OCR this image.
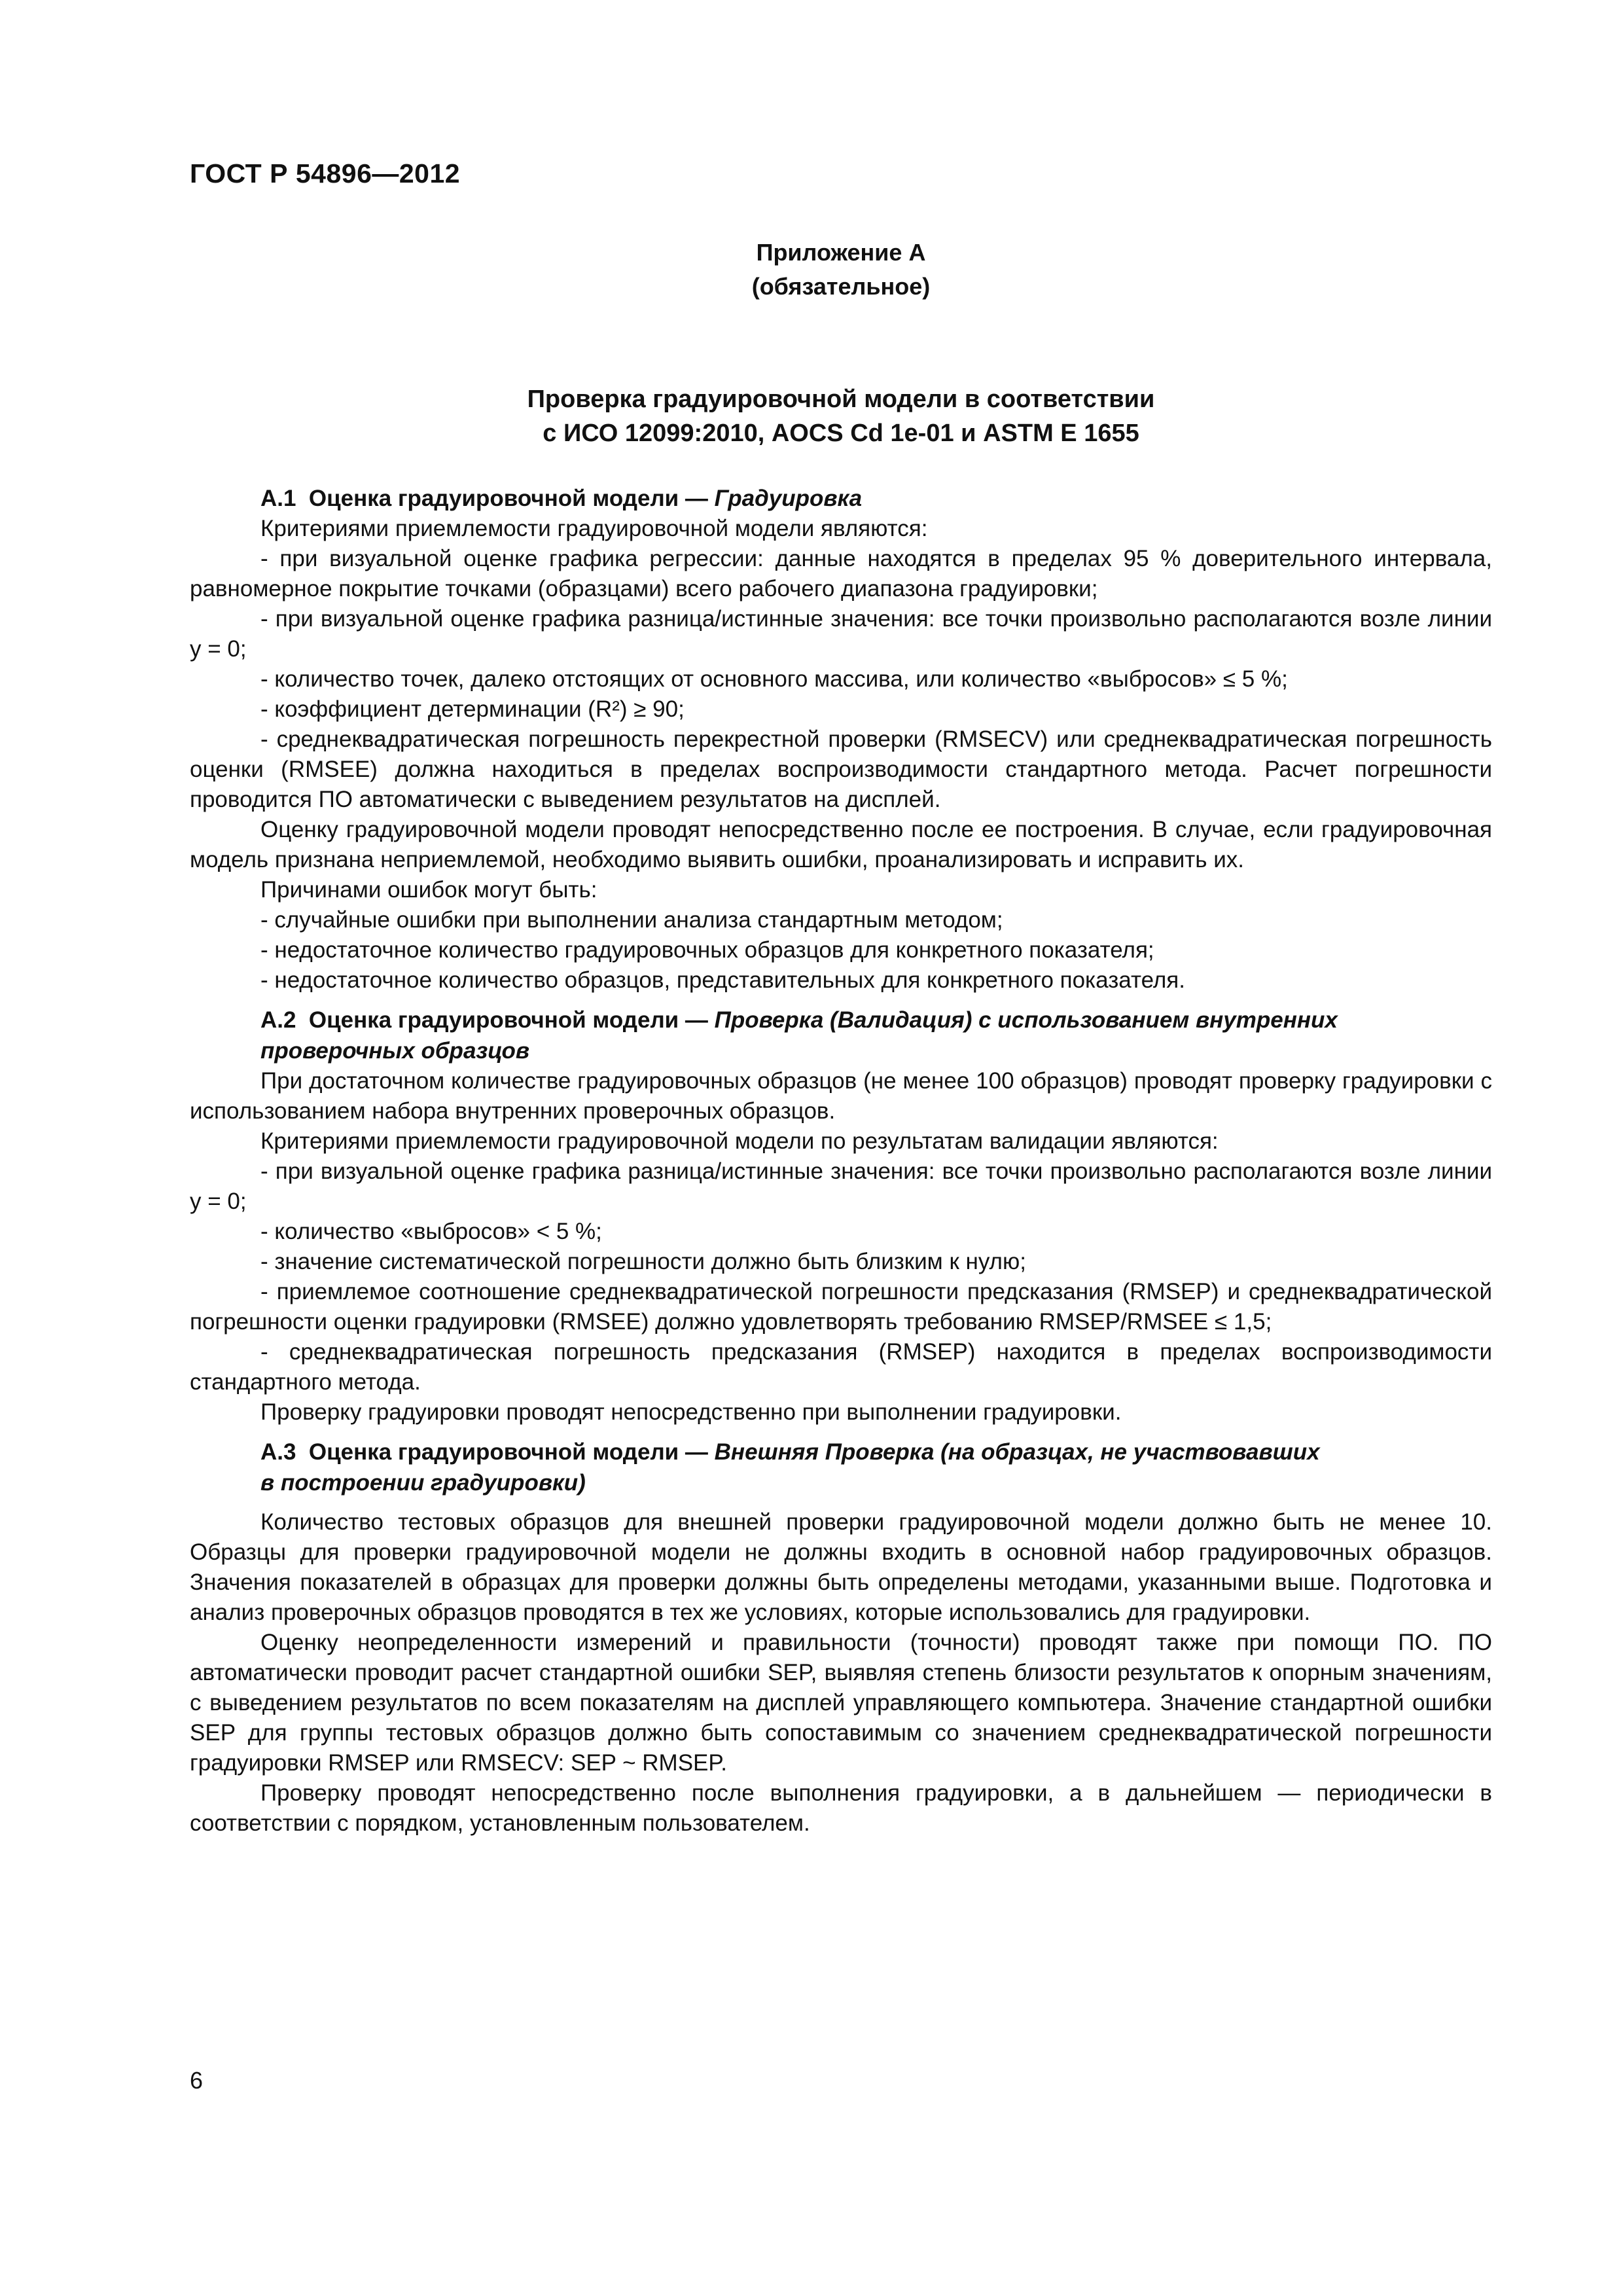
ГОСТ Р 54896—2012
Приложение А
(обязательное)
Проверка градуировочной модели в соответствии
с ИСО 12099:2010, AOCS Cd 1e-01 и ASTM E 1655
А.1 Оценка градуировочной модели — Градуировка

Критериями приемлемости градуировочной модели являются:

- при визуальной оценке графика регрессии: данные находятся в пределах 95 % доверительного интервала, равномерное покрытие точками (образцами) всего рабочего диапазона градуировки;

- при визуальной оценке графика разница/истинные значения: все точки произвольно располагаются возле линии y = 0;

- количество точек, далеко отстоящих от основного массива, или количество «выбросов» ≤ 5 %;

- коэффициент детерминации (R²) ≥ 90;

- среднеквадратическая погрешность перекрестной проверки (RMSECV) или среднеквадратическая погрешность оценки (RMSEE) должна находиться в пределах воспроизводимости стандартного метода. Расчет погрешности проводится ПО автоматически с выведением результатов на дисплей.

Оценку градуировочной модели проводят непосредственно после ее построения. В случае, если градуировочная модель признана неприемлемой, необходимо выявить ошибки, проанализировать и исправить их.

Причинами ошибок могут быть:

- случайные ошибки при выполнении анализа стандартным методом;

- недостаточное количество градуировочных образцов для конкретного показателя;

- недостаточное количество образцов, представительных для конкретного показателя.

А.2 Оценка градуировочной модели — Проверка (Валидация) с использованием внутренних
проверочных образцов

При достаточном количестве градуировочных образцов (не менее 100 образцов) проводят проверку градуировки с использованием набора внутренних проверочных образцов.

Критериями приемлемости градуировочной модели по результатам валидации являются:

- при визуальной оценке графика разница/истинные значения: все точки произвольно располагаются возле линии y = 0;

- количество «выбросов» < 5 %;

- значение систематической погрешности должно быть близким к нулю;

- приемлемое соотношение среднеквадратической погрешности предсказания (RMSEP) и среднеквадратической погрешности оценки градуировки (RMSEE) должно удовлетворять требованию RMSEP/RMSEE ≤ 1,5;

- среднеквадратическая погрешность предсказания (RMSEP) находится в пределах воспроизводимости стандартного метода.

Проверку градуировки проводят непосредственно при выполнении градуировки.

А.3 Оценка градуировочной модели — Внешняя Проверка (на образцах, не участвовавших
в построении градуировки)

Количество тестовых образцов для внешней проверки градуировочной модели должно быть не менее 10. Образцы для проверки градуировочной модели не должны входить в основной набор градуировочных образцов. Значения показателей в образцах для проверки должны быть определены методами, указанными выше. Подготовка и анализ проверочных образцов проводятся в тех же условиях, которые использовались для градуировки.

Оценку неопределенности измерений и правильности (точности) проводят также при помощи ПО. ПО автоматически проводит расчет стандартной ошибки SEP, выявляя степень близости результатов к опорным значениям, с выведением результатов по всем показателям на дисплей управляющего компьютера. Значение стандартной ошибки SEP для группы тестовых образцов должно быть сопоставимым со значением среднеквадратической погрешности градуировки RMSEP или RMSECV: SEP ~ RMSEP.

Проверку проводят непосредственно после выполнения градуировки, а в дальнейшем — периодически в соответствии с порядком, установленным пользователем.

6
